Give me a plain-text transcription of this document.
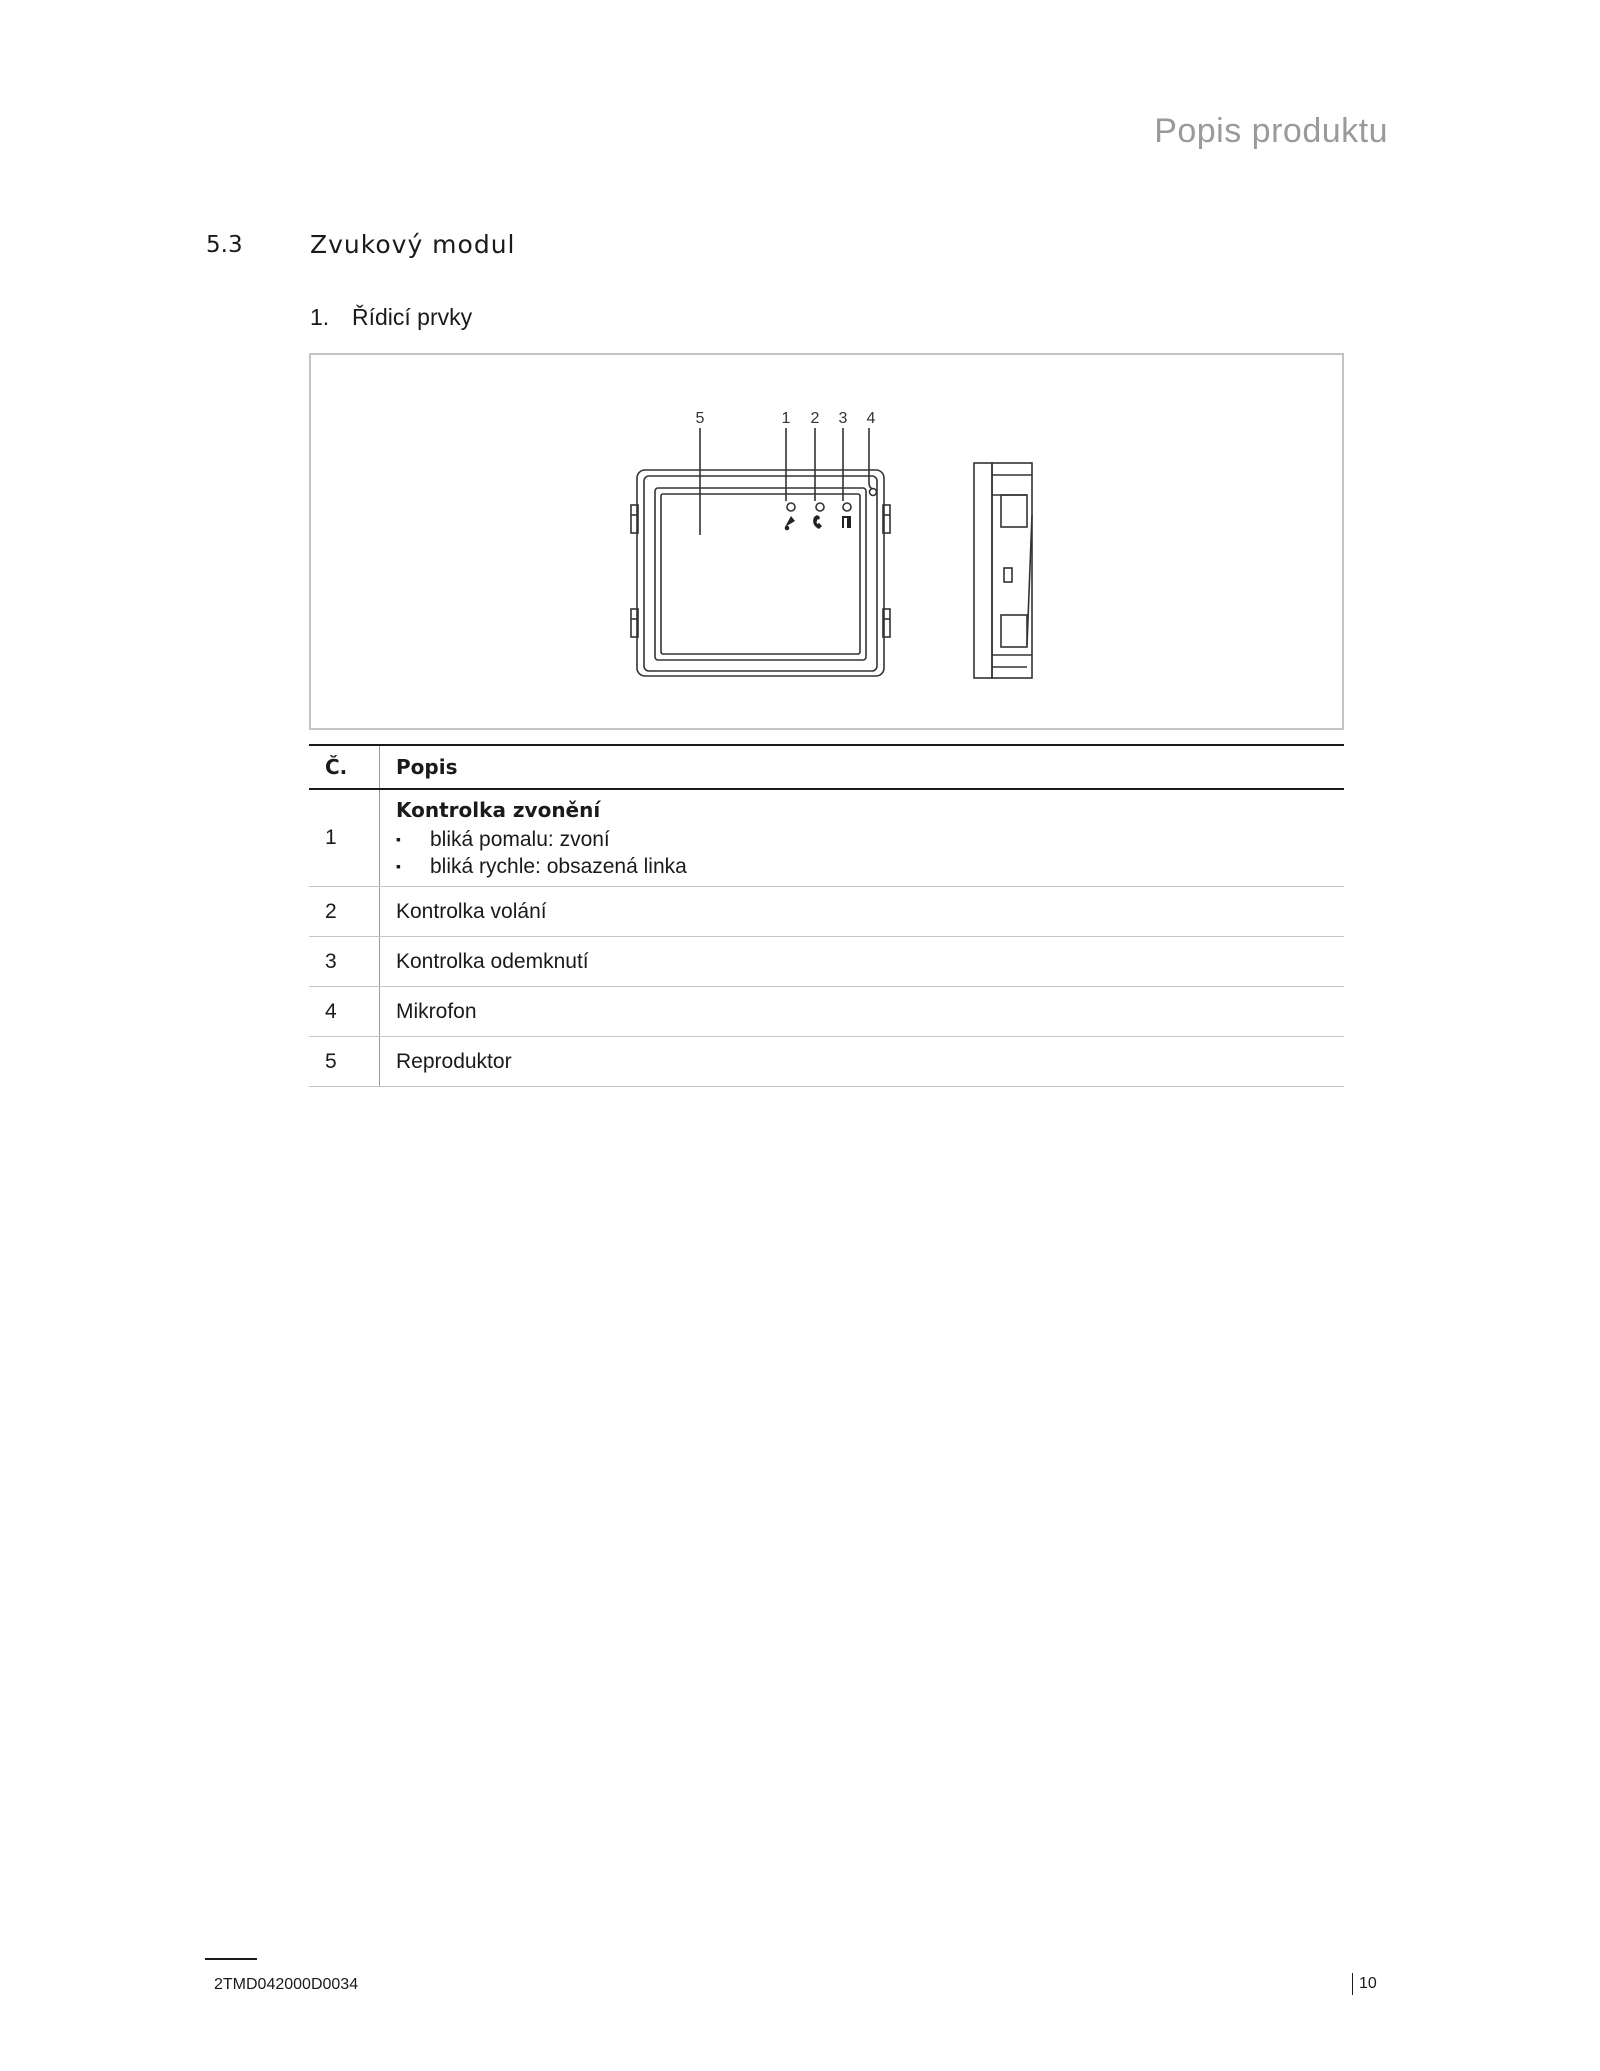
Popis produktu
5.3	Zvukový modul
1. Řídicí prvky
5	1 2 3 4
Č.	Popis
1	Kontrolka zvonění
▪ bliká pomalu: zvoní
▪ bliká rychle: obsazená linka

2	Kontrolka volání
3	Kontrolka odemknutí
4	Mikrofon
5	Reproduktor
2TMD042000D0034	10
